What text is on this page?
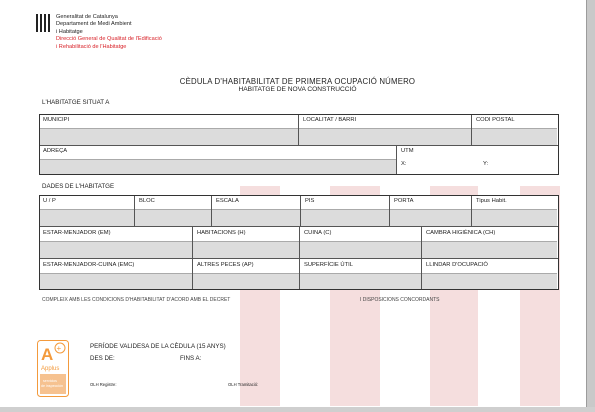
Generalitat de Catalunya
Departament de Medi Ambient
i Habitatge
Direcció General de Qualitat de l'Edificació
i Rehabilitació de l'Habitatge
CÈDULA D'HABITABILITAT DE PRIMERA OCUPACIÓ NÚMERO
HABITATGE DE NOVA CONSTRUCCIÓ
L'HABITATGE SITUAT A
MUNICIPI	LOCALITAT / BARRI	CODI POSTAL
ADREÇA	UTM
X:	Y:
DADES DE L'HABITATGE
U / P	BLOC	ESCALA	PIS	PORTA	Tipus Habit.
ESTAR-MENJADOR (EM)	HABITACIONS (H)	CUINA (C)	CAMBRA HIGIÈNICA (CH)
ESTAR-MENJADOR-CUINA (EMC)	ALTRES PECES (AP)	SUPERFÍCIE ÚTIL	LLINDAR D'OCUPACIÓ
COMPLEIX AMB LES CONDICIONS D'HABITABILITAT D'ACORD AMB EL DECRET	I DISPOSICIONS CONCORDANTS
A +
Applus
servicios
de inspección
PERÍODE VALIDESA DE LA CÈDULA (15 ANYS)
DES DE:	FINS A:
OLH Registre:	OLH Tramitació:
